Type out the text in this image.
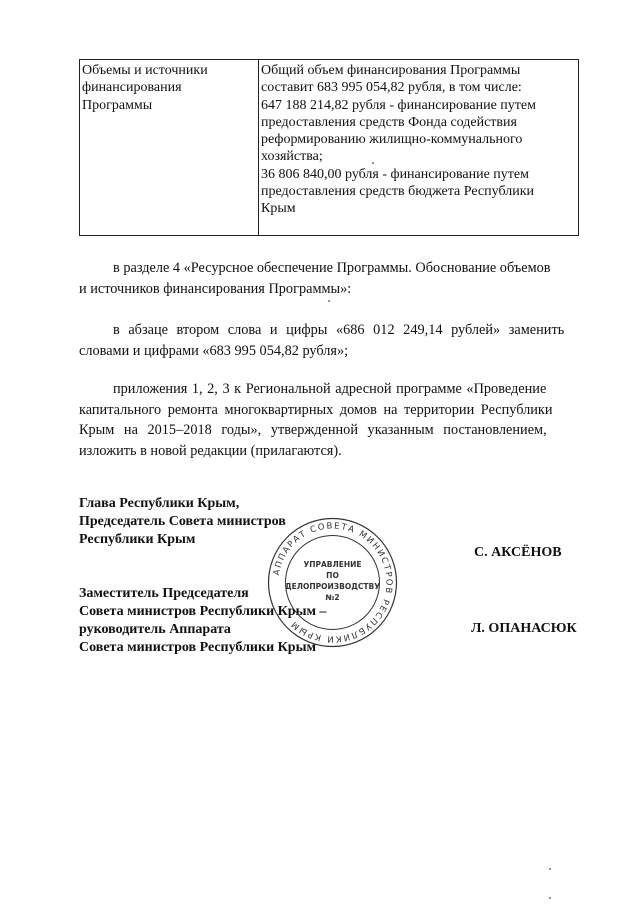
Объемы и источники
финансирования
Программы
Общий объем финансирования Программы
составит 683 995 054,82 рубля, в том числе:
647 188 214,82 рубля - финансирование путем
предоставления средств Фонда содействия
реформированию жилищно-коммунального
хозяйства;
36 806 840,00 рубля - финансирование путем
предоставления средств бюджета Республики
Крым
в разделе 4 «Ресурсное обеспечение Программы. Обоснование объемов
и источников финансирования Программы»:
в абзаце втором слова и цифры «686 012 249,14 рублей» заменить
словами и цифрами «683 995 054,82 рубля»;
приложения 1, 2, 3 к Региональной адресной программе «Проведение
капитального ремонта многоквартирных домов на территории Республики
Крым на 2015–2018 годы», утвержденной указанным постановлением,
изложить в новой редакции (прилагаются).
Глава Республики Крым,
Председатель Совета министров
Республики Крым
С. АКСЁНОВ
Заместитель Председателя
Совета министров Республики Крым –
руководитель Аппарата
Совета министров Республики Крым
Л. ОПАНАСЮК
АППАРАТ СОВЕТА МИНИСТРОВ РЕСПУБЛИКИ КРЫМ
УПРАВЛЕНИЕ
ПО
ДЕЛОПРОИЗВОДСТВУ
№2
